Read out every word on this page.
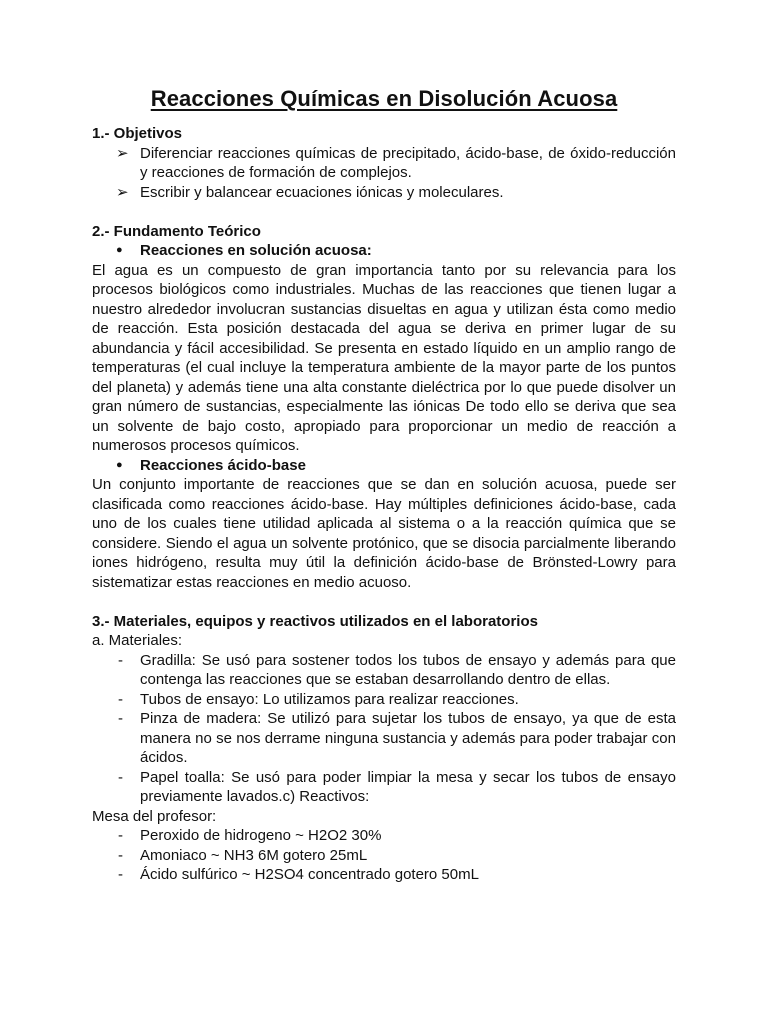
Reacciones Químicas en Disolución Acuosa
1.- Objetivos
➢ Diferenciar reacciones químicas de precipitado, ácido-base, de óxido-reducción y reacciones de formación de complejos.
➢ Escribir y balancear ecuaciones iónicas y moleculares.
2.- Fundamento Teórico
● Reacciones en solución acuosa:

El agua es un compuesto de gran importancia tanto por su relevancia para los procesos biológicos como industriales. Muchas de las reacciones que tienen lugar a nuestro alrededor involucran sustancias disueltas en agua y utilizan ésta como medio de reacción. Esta posición destacada del agua se deriva en primer lugar de su abundancia y fácil accesibilidad. Se presenta en estado líquido en un amplio rango de temperaturas (el cual incluye la temperatura ambiente de la mayor parte de los puntos del planeta) y además tiene una alta constante dieléctrica por lo que puede disolver un gran número de sustancias, especialmente las iónicas De todo ello se deriva que sea un solvente de bajo costo, apropiado para proporcionar un medio de reacción a numerosos procesos químicos.

● Reacciones ácido-base

Un conjunto importante de reacciones que se dan en solución acuosa, puede ser clasificada como reacciones ácido-base. Hay múltiples definiciones ácido-base, cada uno de los cuales tiene utilidad aplicada al sistema o a la reacción química que se considere. Siendo el agua un solvente protónico, que se disocia parcialmente liberando iones hidrógeno, resulta muy útil la definición ácido-base de Brönsted-Lowry para sistematizar estas reacciones en medio acuoso.

3.- Materiales, equipos y reactivos utilizados en el laboratorios

a. Materiales:

- Gradilla: Se usó para sostener todos los tubos de ensayo y además para que contenga las reacciones que se estaban desarrollando dentro de ellas.
- Tubos de ensayo: Lo utilizamos para realizar reacciones.
- Pinza de madera: Se utilizó para sujetar los tubos de ensayo, ya que de esta manera no se nos derrame ninguna sustancia y además para poder trabajar con ácidos.
- Papel toalla: Se usó para poder limpiar la mesa y secar los tubos de ensayo previamente lavados.c) Reactivos:

Mesa del profesor:

- Peroxido de hidrogeno ~ H2O2 30%
- Amoniaco ~ NH3 6M gotero 25mL
- Ácido sulfúrico ~ H2SO4 concentrado gotero 50mL
